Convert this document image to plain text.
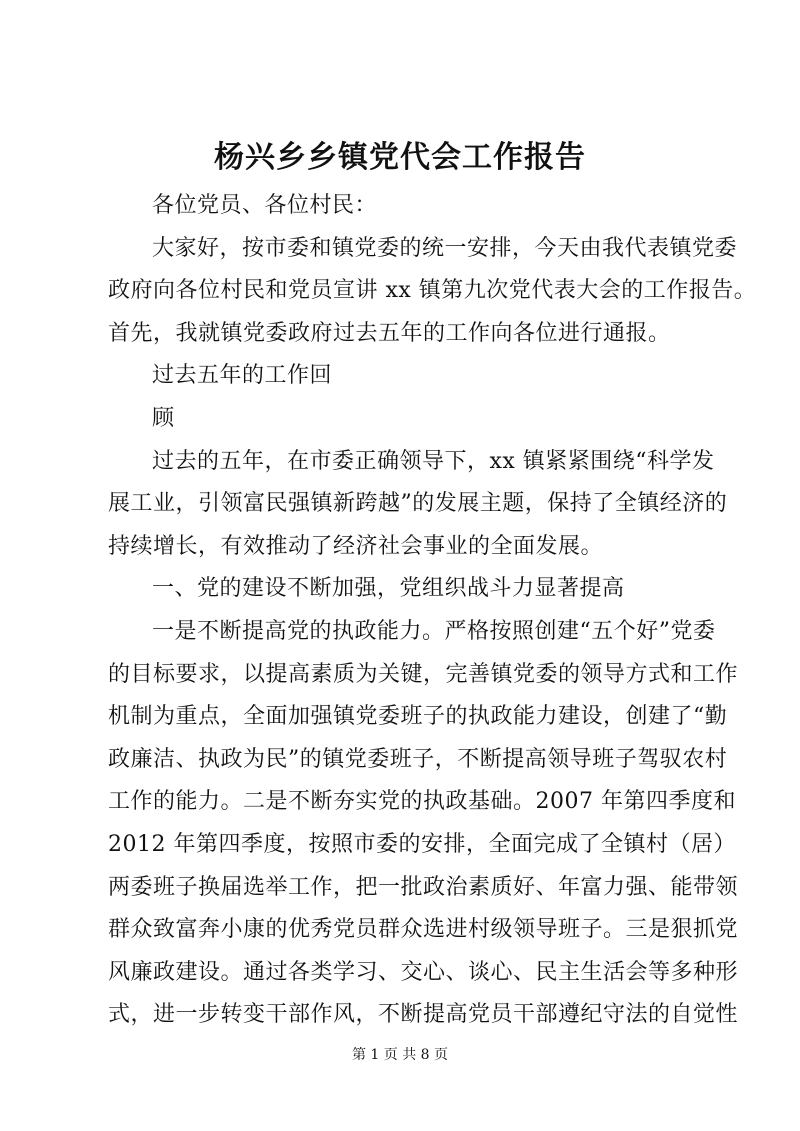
杨兴乡乡镇党代会工作报告
各位党员、各位村民：
大家好，按市委和镇党委的统一安排，今天由我代表镇党委
政府向各位村民和党员宣讲 xx 镇第九次党代表大会的工作报告。
首先，我就镇党委政府过去五年的工作向各位进行通报。
过去五年的工作回
顾
过去的五年，在市委正确领导下，xx 镇紧紧围绕“科学发
展工业，引领富民强镇新跨越”的发展主题，保持了全镇经济的
持续增长，有效推动了经济社会事业的全面发展。
一、党的建设不断加强，党组织战斗力显著提高
一是不断提高党的执政能力。严格按照创建“五个好”党委
的目标要求，以提高素质为关键，完善镇党委的领导方式和工作
机制为重点，全面加强镇党委班子的执政能力建设，创建了“勤
政廉洁、执政为民”的镇党委班子，不断提高领导班子驾驭农村
工作的能力。二是不断夯实党的执政基础。2007 年第四季度和
2012 年第四季度，按照市委的安排，全面完成了全镇村（居）
两委班子换届选举工作，把一批政治素质好、年富力强、能带领
群众致富奔小康的优秀党员群众选进村级领导班子。三是狠抓党
风廉政建设。通过各类学习、交心、谈心、民主生活会等多种形
式，进一步转变干部作风，不断提高党员干部遵纪守法的自觉性
第 1 页 共 8 页
